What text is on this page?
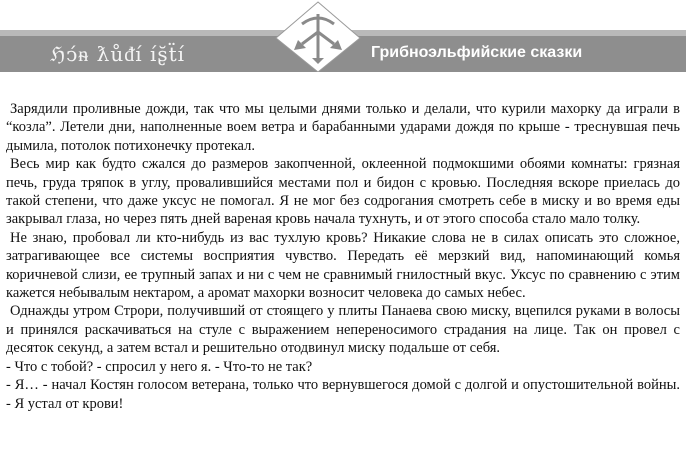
ℌͻ́ᵰ ƛůᵭí íʂ̆ẗí	Грибноэльфийские сказки

Зарядили проливные дожди, так что мы целыми днями только и делали, что курили махорку да играли в “козла”. Летели дни, наполненные воем ветра и барабанными ударами дождя по крыше - треснувшая печь дымила, потолок потихонечку протекал.

Весь мир как будто сжался до размеров закопченной, оклеенной подмокшими обоями комнаты: грязная печь, груда тряпок в углу, провалившийся местами пол и бидон с кровью. Последняя вскоре приелась до такой степени, что даже уксус не помогал. Я не мог без содрогания смотреть себе в миску и во время еды закрывал глаза, но через пять дней вареная кровь начала тухнуть, и от этого способа стало мало толку.

Не знаю, пробовал ли кто-нибудь из вас тухлую кровь? Никакие слова не в силах описать это сложное, затрагивающее все системы восприятия чувство. Передать её мерзкий вид, напоминающий комья коричневой слизи, ее трупный запах и ни с чем не сравнимый гнилостный вкус. Уксус по сравнению с этим кажется небывалым нектаром, а аромат махорки возносит человека до самых небес.

Однажды утром Строри, получивший от стоящего у плиты Панаева свою миску, вцепился руками в волосы и принялся раскачиваться на стуле с выражением непереносимого страдания на лице. Так он провел с десяток секунд, а затем встал и решительно отодвинул миску подальше от себя.

- Что с тобой? - спросил у него я. - Что-то не так?

- Я… - начал Костян голосом ветерана, только что вернувшегося домой с долгой и опустошительной войны. - Я устал от крови!
